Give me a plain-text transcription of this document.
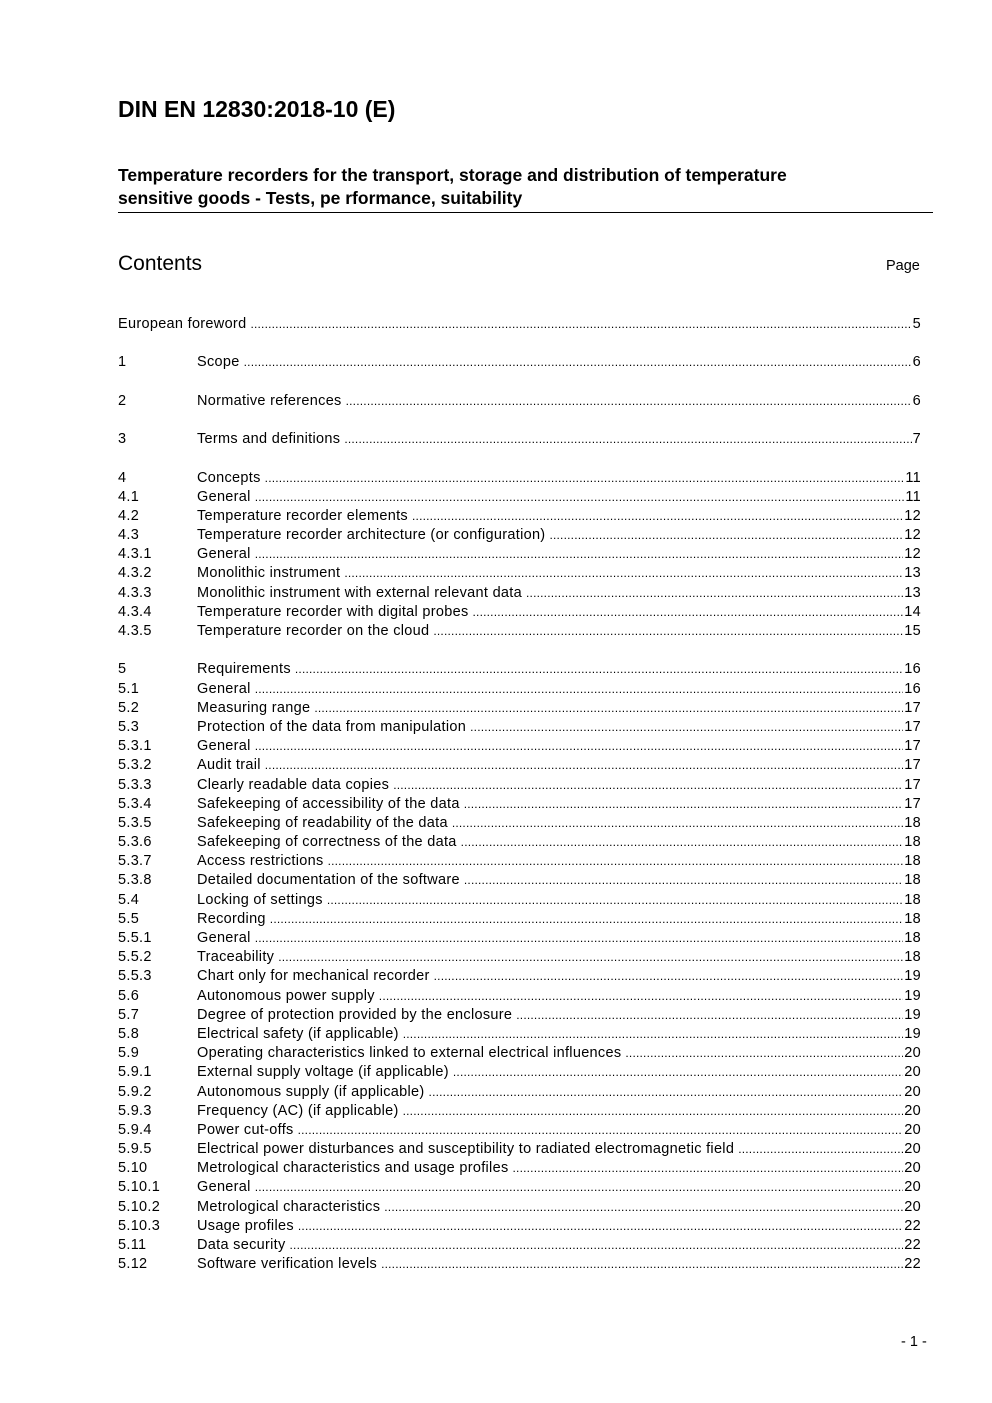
DIN EN 12830:2018-10 (E)
Temperature recorders for the transport, storage and distribution of temperature
sensitive goods - Tests, pe rformance, suitability
Contents	Page
European foreword .....	5
1	Scope .....	6
2	Normative references .....	6
3	Terms and definitions .....	7
4	Concepts .....	11
4.1	General .....	11
4.2	Temperature recorder elements .....	12
4.3	Temperature recorder architecture (or configuration) .....	12
4.3.1	General .....	12
4.3.2	Monolithic instrument .....	13
4.3.3	Monolithic instrument with external relevant data .....	13
4.3.4	Temperature recorder with digital probes .....	14
4.3.5	Temperature recorder on the cloud .....	15
5	Requirements .....	16
5.1	General .....	16
5.2	Measuring range .....	17
5.3	Protection of the data from manipulation .....	17
5.3.1	General .....	17
5.3.2	Audit trail .....	17
5.3.3	Clearly readable data copies .....	17
5.3.4	Safekeeping of accessibility of the data .....	17
5.3.5	Safekeeping of readability of the data .....	18
5.3.6	Safekeeping of correctness of the data .....	18
5.3.7	Access restrictions .....	18
5.3.8	Detailed documentation of the software .....	18
5.4	Locking of settings .....	18
5.5	Recording .....	18
5.5.1	General .....	18
5.5.2	Traceability .....	18
5.5.3	Chart only for mechanical recorder .....	19
5.6	Autonomous power supply .....	19
5.7	Degree of protection provided by the enclosure .....	19
5.8	Electrical safety (if applicable) .....	19
5.9	Operating characteristics linked to external electrical influences .....	20
5.9.1	External supply voltage (if applicable) .....	20
5.9.2	Autonomous supply (if applicable) .....	20
5.9.3	Frequency (AC) (if applicable) .....	20
5.9.4	Power cut-offs .....	20
5.9.5	Electrical power disturbances and susceptibility to radiated electromagnetic field .....	20
5.10	Metrological characteristics and usage profiles .....	20
5.10.1	General .....	20
5.10.2	Metrological characteristics .....	20
5.10.3	Usage profiles .....	22
5.11	Data security .....	22
5.12	Software verification levels .....	22
- 1 -
